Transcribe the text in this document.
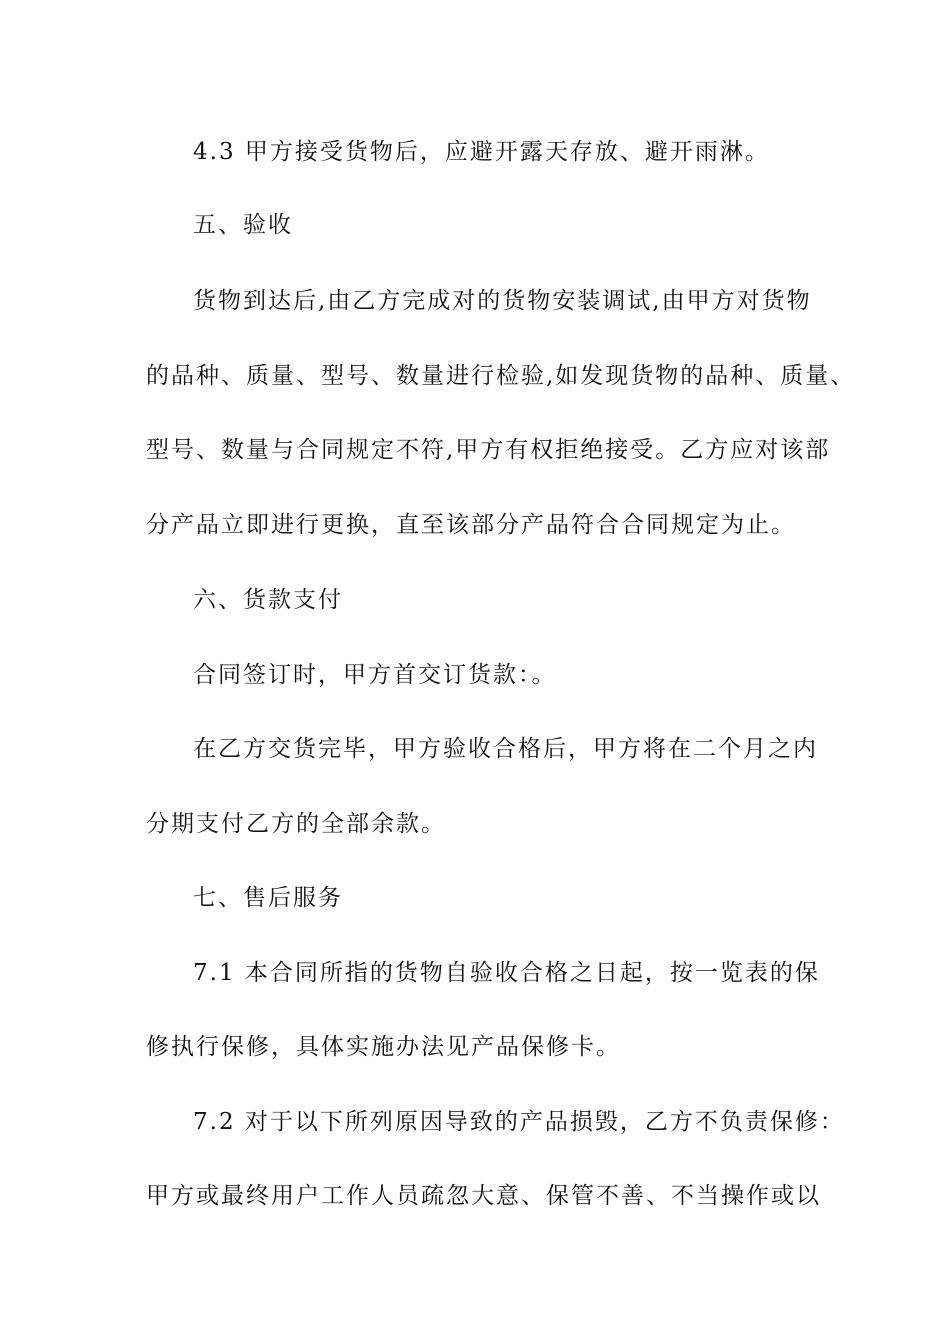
4.3 甲方接受货物后，应避开露天存放、避开雨淋。
五、验收
货物到达后,由乙方完成对的货物安装调试,由甲方对货物
的品种、质量、型号、数量进行检验,如发现货物的品种、质量、
型号、数量与合同规定不符,甲方有权拒绝接受。乙方应对该部
分产品立即进行更换，直至该部分产品符合合同规定为止。
六、货款支付
合同签订时，甲方首交订货款：。
在乙方交货完毕，甲方验收合格后，甲方将在二个月之内
分期支付乙方的全部余款。
七、售后服务
7.1 本合同所指的货物自验收合格之日起，按一览表的保
修执行保修，具体实施办法见产品保修卡。
7.2 对于以下所列原因导致的产品损毁，乙方不负责保修：
甲方或最终用户工作人员疏忽大意、保管不善、不当操作或以
